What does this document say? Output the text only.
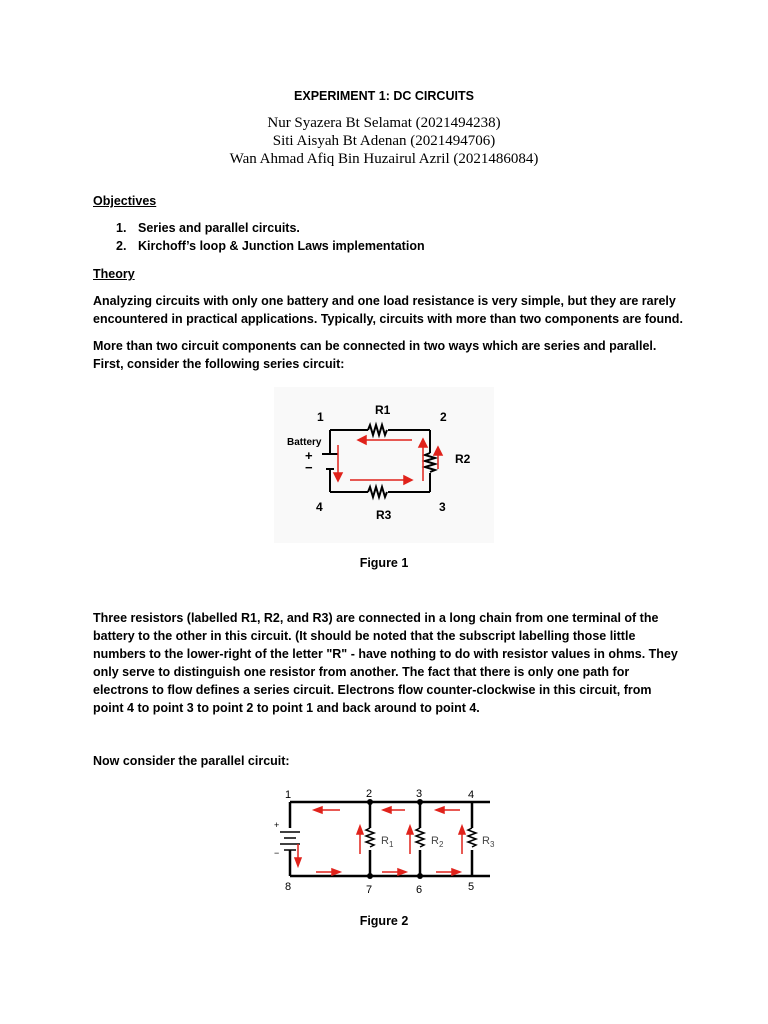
EXPERIMENT 1: DC CIRCUITS
Nur Syazera Bt Selamat (2021494238)
Siti Aisyah Bt Adenan (2021494706)
Wan Ahmad Afiq Bin Huzairul Azril (2021486084)
Objectives
1. Series and parallel circuits.
2. Kirchoff’s loop & Junction Laws implementation
Theory
Analyzing circuits with only one battery and one load resistance is very simple, but they are rarely encountered in practical applications. Typically, circuits with more than two components are found.
More than two circuit components can be connected in two ways which are series and parallel. First, consider the following series circuit:
Battery
+
−
1	2
3
4
R1
R2
R3
Figure 1
Three resistors (labelled R1, R2, and R3) are connected in a long chain from one terminal of the battery to the other in this circuit. (It should be noted that the subscript labelling those little numbers to the lower-right of the letter "R" - have nothing to do with resistor values in ohms. They only serve to distinguish one resistor from another. The fact that there is only one path for electrons to flow defines a series circuit. Electrons flow counter-clockwise in this circuit, from point 4 to point 3 to point 2 to point 1 and back around to point 4.
Now consider the parallel circuit:
+
−
1	2	3	4
5
6
7
8
$R_1$	$R_2$	$R_3$
Figure 2
